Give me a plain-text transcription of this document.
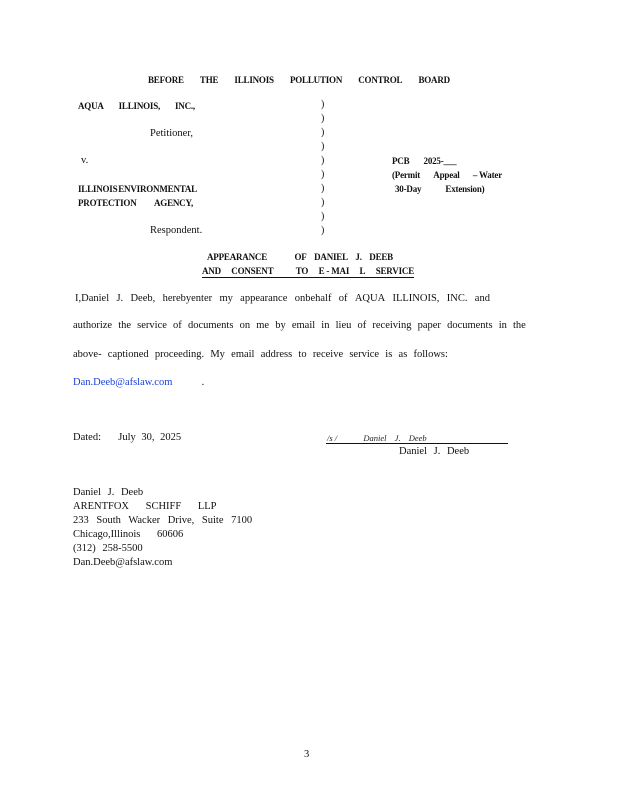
BEFORE THE ILLINOIS POLLUTION CONTROL BOARD
AQUA ILLINOIS, INC.,
Petitioner,
v.
ILLINOIS ENVIRONMENTAL
PROTECTION AGENCY,
Respondent.
)
)
)
)
)
)
)
)
)
)
PCB 2025-___
(Permit Appeal – Water
30-Day	Extension)
APPEARANCE	OF DANIEL J. DEEB
AND CONSENT TO E - MAI L SERVICE
I,Daniel J. Deeb, herebyenter my appearance onbehalf of AQUA ILLINOIS, INC. and
authorize the service of documents on me by email in lieu of receiving paper documents in the
above- captioned proceeding. My email address to receive service is as follows:
Dan.Deeb@afslaw.com	.
Dated: July 30, 2025	/s /	Daniel J. Deeb
Daniel J. Deeb
Daniel J. Deeb
ARENTFOX SCHIFF LLP
233 South Wacker Drive, Suite 7100
Chicago,Illinois 60606
(312) 258-5500
Dan.Deeb@afslaw.com
3
